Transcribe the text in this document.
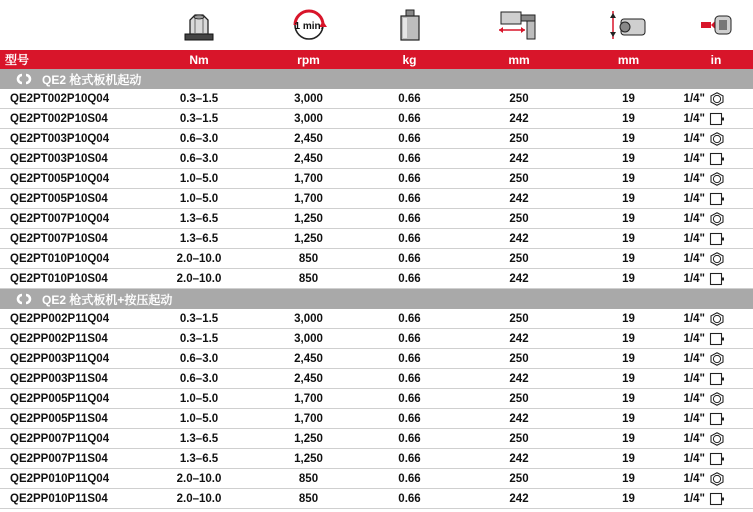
1 min.
型号	Nm	rpm	kg	mm	mm	in
QE2 枪式板机起动
QE2PT002P10Q04	0.3–1.5	3,000	0.66	250	19	1/4"
QE2PT002P10S04	0.3–1.5	3,000	0.66	242	19	1/4"
QE2PT003P10Q04	0.6–3.0	2,450	0.66	250	19	1/4"
QE2PT003P10S04	0.6–3.0	2,450	0.66	242	19	1/4"
QE2PT005P10Q04	1.0–5.0	1,700	0.66	250	19	1/4"
QE2PT005P10S04	1.0–5.0	1,700	0.66	242	19	1/4"
QE2PT007P10Q04	1.3–6.5	1,250	0.66	250	19	1/4"
QE2PT007P10S04	1.3–6.5	1,250	0.66	242	19	1/4"
QE2PT010P10Q04	2.0–10.0	850	0.66	250	19	1/4"
QE2PT010P10S04	2.0–10.0	850	0.66	242	19	1/4"
QE2 枪式板机+按压起动
QE2PP002P11Q04	0.3–1.5	3,000	0.66	250	19	1/4"
QE2PP002P11S04	0.3–1.5	3,000	0.66	242	19	1/4"
QE2PP003P11Q04	0.6–3.0	2,450	0.66	250	19	1/4"
QE2PP003P11S04	0.6–3.0	2,450	0.66	242	19	1/4"
QE2PP005P11Q04	1.0–5.0	1,700	0.66	250	19	1/4"
QE2PP005P11S04	1.0–5.0	1,700	0.66	242	19	1/4"
QE2PP007P11Q04	1.3–6.5	1,250	0.66	250	19	1/4"
QE2PP007P11S04	1.3–6.5	1,250	0.66	242	19	1/4"
QE2PP010P11Q04	2.0–10.0	850	0.66	250	19	1/4"
QE2PP010P11S04	2.0–10.0	850	0.66	242	19	1/4"
